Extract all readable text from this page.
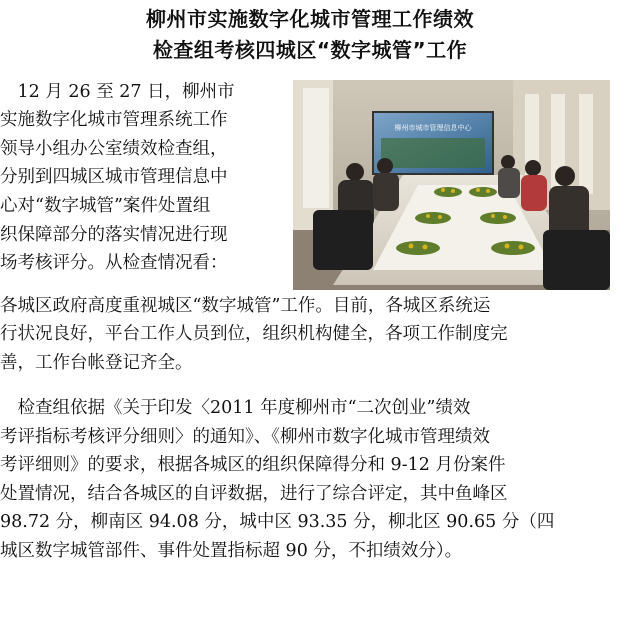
柳州市实施数字化城市管理工作绩效
检查组考核四城区“数字城管”工作
柳州市城市管理信息中心
　12 月 26 至 27 日，柳州市
实施数字化城市管理系统工作
领导小组办公室绩效检查组，
分别到四城区城市管理信息中
心对“数字城管”案件处置组
织保障部分的落实情况进行现
场考核评分。从检查情况看：
各城区政府高度重视城区“数字城管”工作。目前，各城区系统运
行状况良好，平台工作人员到位，组织机构健全，各项工作制度完
善，工作台帐登记齐全。
　检查组依据《关于印发〈2011 年度柳州市“二次创业”绩效
考评指标考核评分细则〉的通知》、《柳州市数字化城市管理绩效
考评细则》的要求，根据各城区的组织保障得分和 9-12 月份案件
处置情况，结合各城区的自评数据，进行了综合评定，其中鱼峰区
98.72 分，柳南区 94.08 分，城中区 93.35 分，柳北区 90.65 分（四
城区数字城管部件、事件处置指标超 90 分，不扣绩效分）。
